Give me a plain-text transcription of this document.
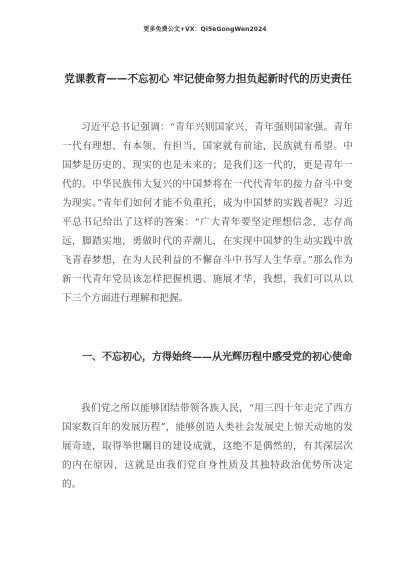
更多免费公文+VX：Qi5eGongWen2024
党课教育——不忘初心 牢记使命努力担负起新时代的历史责任

习近平总书记强调：“青年兴则国家兴，青年强则国家强。青年一代有理想、有本领、有担当，国家就有前途，民族就有希望。中国梦是历史的、现实的也是未来的；是我们这一代的，更是青年一代的。中华民族伟大复兴的中国梦将在一代代青年的接力奋斗中变为现实。”青年们如何才能不负重托，成为中国梦的实践者呢？习近平总书记给出了这样的答案：“广大青年要坚定理想信念，志存高远，脚踏实地，勇做时代的弄潮儿，在实现中国梦的生动实践中放飞青春梦想，在为人民利益的不懈奋斗中书写人生华章。”那么作为新一代青年党员该怎样把握机遇、施展才华，我想，我们可以从以下三个方面进行理解和把握。

一、不忘初心，方得始终——从光辉历程中感受党的初心使命

我们党之所以能够团结带领各族人民，“用三四十年走完了西方国家数百年的发展历程”，能够创造人类社会发展史上惊天动地的发展奇迹，取得举世瞩目的建设成就，这绝不是偶然的，有其深层次的内在原因，这就是由我们党自身性质及其独特政治优势所决定的。
